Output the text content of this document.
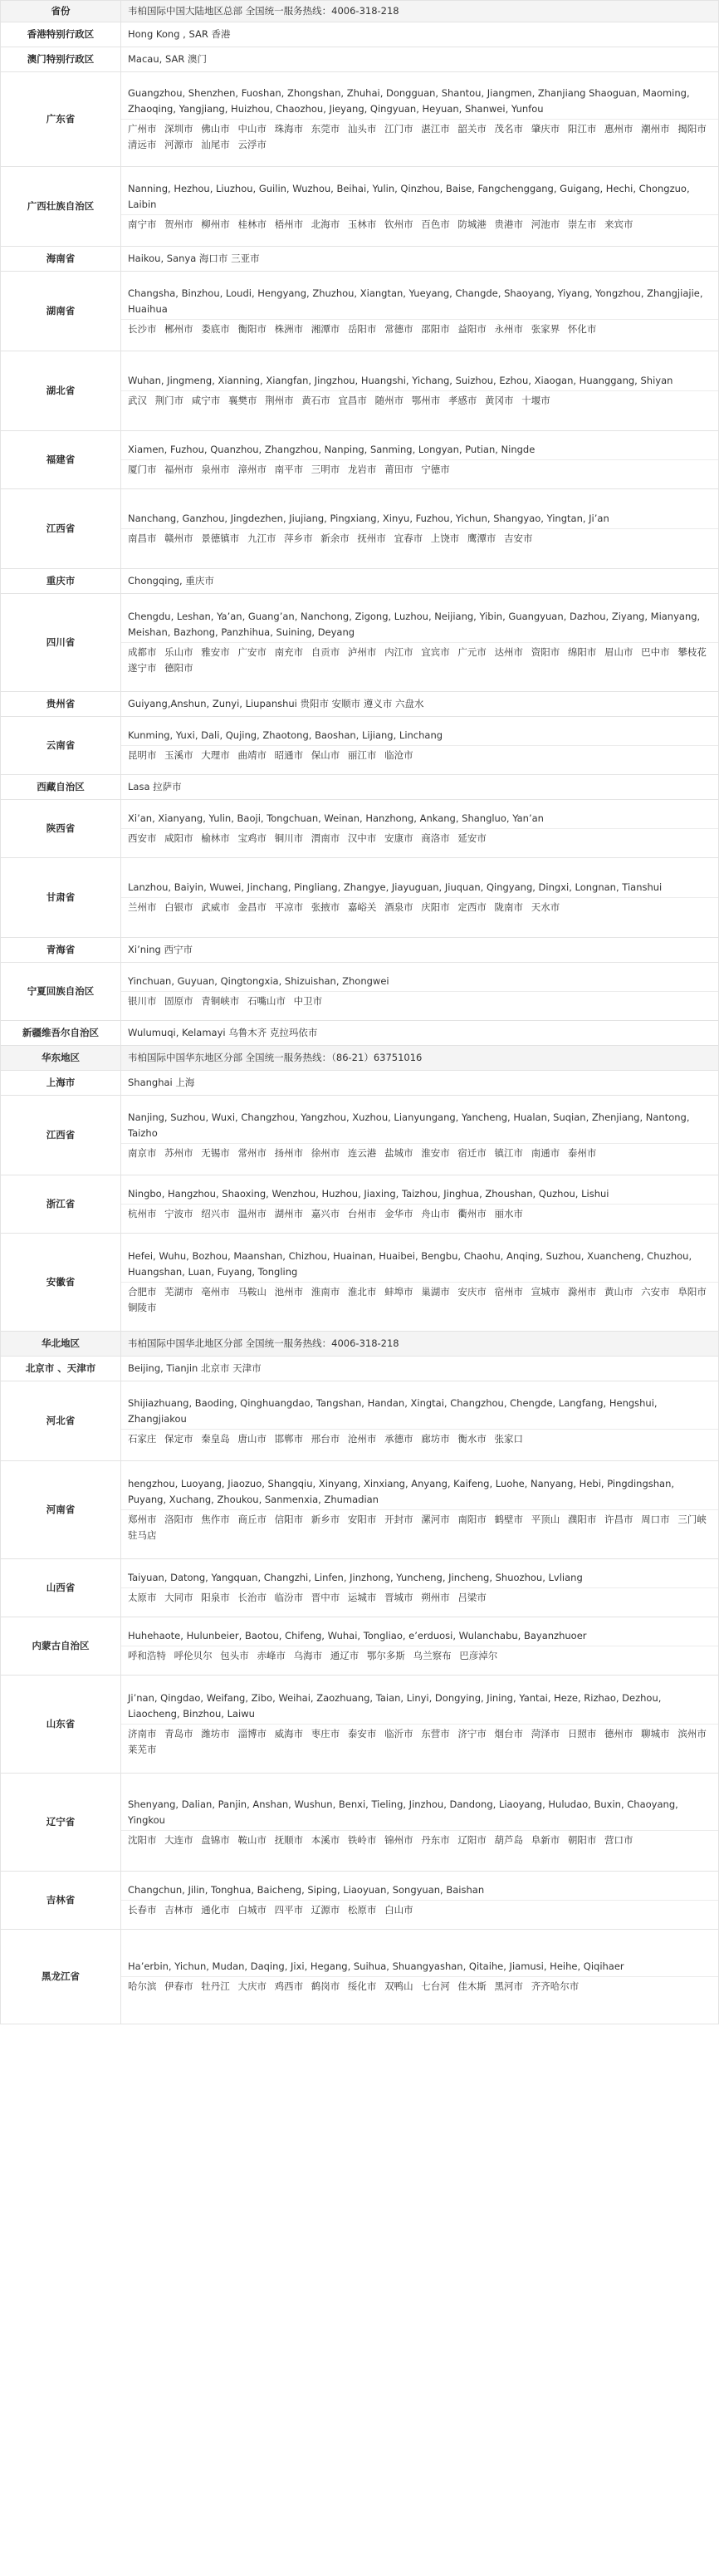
省份	韦柏国际中国大陆地区总部 全国统一服务热线：4006-318-218

香港特别行政区	Hong Kong , SAR 香港

澳门特别行政区	Macau, SAR 澳门

广东省	Guangzhou, Shenzhen, Fuoshan, Zhongshan, Zhuhai, Dongguan, Shantou, Jiangmen, Zhanjiang Shaoguan, Maoming, Zhaoqing, Yangjiang, Huizhou, Chaozhou, Jieyang, Qingyuan, Heyuan, Shanwei, Yunfou
广州市 深圳市 佛山市 中山市 珠海市 东莞市 汕头市 江门市 湛江市 韶关市 茂名市 肇庆市 阳江市 惠州市 潮州市 揭阳市 清远市 河源市 汕尾市 云浮市

广西壮族自治区	Nanning, Hezhou, Liuzhou, Guilin, Wuzhou, Beihai, Yulin, Qinzhou, Baise, Fangchenggang, Guigang, Hechi, Chongzuo, Laibin
南宁市 贺州市 柳州市 桂林市 梧州市 北海市 玉林市 钦州市 百色市 防城港 贵港市 河池市 崇左市 来宾市

海南省	Haikou, Sanya 海口市 三亚市

湖南省	Changsha, Binzhou, Loudi, Hengyang, Zhuzhou, Xiangtan, Yueyang, Changde, Shaoyang, Yiyang, Yongzhou, Zhangjiajie, Huaihua
长沙市 郴州市 娄底市 衡阳市 株洲市 湘潭市 岳阳市 常德市 邵阳市 益阳市 永州市 张家界 怀化市

湖北省	Wuhan, Jingmeng, Xianning, Xiangfan, Jingzhou, Huangshi, Yichang, Suizhou, Ezhou, Xiaogan, Huanggang, Shiyan
武汉 荆门市 咸宁市 襄樊市 荆州市 黄石市 宜昌市 随州市 鄂州市 孝感市 黄冈市 十堰市

福建省	Xiamen, Fuzhou, Quanzhou, Zhangzhou, Nanping, Sanming, Longyan, Putian, Ningde
厦门市 福州市 泉州市 漳州市 南平市 三明市 龙岩市 莆田市 宁德市

江西省	Nanchang, Ganzhou, Jingdezhen, Jiujiang, Pingxiang, Xinyu, Fuzhou, Yichun, Shangyao, Yingtan, Ji’an
南昌市 赣州市 景德镇市 九江市 萍乡市 新余市 抚州市 宜春市 上饶市 鹰潭市 吉安市

重庆市	Chongqing, 重庆市

四川省	Chengdu, Leshan, Ya’an, Guang’an, Nanchong, Zigong, Luzhou, Neijiang, Yibin, Guangyuan, Dazhou, Ziyang, Mianyang, Meishan, Bazhong, Panzhihua, Suining, Deyang
成都市 乐山市 雅安市 广安市 南充市 自贡市 泸州市 内江市 宜宾市 广元市 达州市 资阳市 绵阳市 眉山市 巴中市 攀枝花 遂宁市 德阳市

贵州省	Guiyang,Anshun, Zunyi, Liupanshui 贵阳市 安顺市 遵义市 六盘水

云南省	Kunming, Yuxi, Dali, Qujing, Zhaotong, Baoshan, Lijiang, Linchang
昆明市 玉溪市 大理市 曲靖市 昭通市 保山市 丽江市 临沧市

西藏自治区	Lasa 拉萨市

陕西省	Xi’an, Xianyang, Yulin, Baoji, Tongchuan, Weinan, Hanzhong, Ankang, Shangluo, Yan’an
西安市 咸阳市 榆林市 宝鸡市 铜川市 渭南市 汉中市 安康市 商洛市 延安市

甘肃省	Lanzhou, Baiyin, Wuwei, Jinchang, Pingliang, Zhangye, Jiayuguan, Jiuquan, Qingyang, Dingxi, Longnan, Tianshui
兰州市 白银市 武威市 金昌市 平凉市 张掖市 嘉峪关 酒泉市 庆阳市 定西市 陇南市 天水市

青海省	Xi’ning 西宁市

宁夏回族自治区	Yinchuan, Guyuan, Qingtongxia, Shizuishan, Zhongwei
银川市 固原市 青铜峡市 石嘴山市 中卫市

新疆维吾尔自治区	Wulumuqi, Kelamayi 乌鲁木齐 克拉玛依市

华东地区	韦柏国际中国华东地区分部 全国统一服务热线：（86-21）63751016

上海市	Shanghai 上海

江西省	Nanjing, Suzhou, Wuxi, Changzhou, Yangzhou, Xuzhou, Lianyungang, Yancheng, Hualan, Suqian, Zhenjiang, Nantong, Taizho
南京市 苏州市 无锡市 常州市 扬州市 徐州市 连云港 盐城市 淮安市 宿迁市 镇江市 南通市 泰州市

浙江省	Ningbo, Hangzhou, Shaoxing, Wenzhou, Huzhou, Jiaxing, Taizhou, Jinghua, Zhoushan, Quzhou, Lishui
杭州市 宁波市 绍兴市 温州市 湖州市 嘉兴市 台州市 金华市 舟山市 衢州市 丽水市

安徽省	Hefei, Wuhu, Bozhou, Maanshan, Chizhou, Huainan, Huaibei, Bengbu, Chaohu, Anqing, Suzhou, Xuancheng, Chuzhou, Huangshan, Luan, Fuyang, Tongling
合肥市 芜湖市 亳州市 马鞍山 池州市 淮南市 淮北市 蚌埠市 巢湖市 安庆市 宿州市 宣城市 滁州市 黄山市 六安市 阜阳市 铜陵市

华北地区	韦柏国际中国华北地区分部 全国统一服务热线：4006-318-218

北京市 、天津市	Beijing, Tianjin 北京市 天津市

河北省	Shijiazhuang, Baoding, Qinghuangdao, Tangshan, Handan, Xingtai, Changzhou, Chengde, Langfang, Hengshui, Zhangjiakou
石家庄 保定市 秦皇岛 唐山市 邯郸市 邢台市 沧州市 承德市 廊坊市 衡水市 张家口

河南省	hengzhou, Luoyang, Jiaozuo, Shangqiu, Xinyang, Xinxiang, Anyang, Kaifeng, Luohe, Nanyang, Hebi, Pingdingshan, Puyang, Xuchang, Zhoukou, Sanmenxia, Zhumadian
郑州市 洛阳市 焦作市 商丘市 信阳市 新乡市 安阳市 开封市 漯河市 南阳市 鹤壁市 平顶山 濮阳市 许昌市 周口市 三门峡 驻马店

山西省	Taiyuan, Datong, Yangquan, Changzhi, Linfen, Jinzhong, Yuncheng, Jincheng, Shuozhou, Lvliang
太原市 大同市 阳泉市 长治市 临汾市 晋中市 运城市 晋城市 朔州市 吕梁市

内蒙古自治区	Huhehaote, Hulunbeier, Baotou, Chifeng, Wuhai, Tongliao, e’erduosi, Wulanchabu, Bayanzhuoer
呼和浩特 呼伦贝尔 包头市 赤峰市 乌海市 通辽市 鄂尔多斯 乌兰察布 巴彦淖尔

山东省	Ji’nan, Qingdao, Weifang, Zibo, Weihai, Zaozhuang, Taian, Linyi, Dongying, Jining, Yantai, Heze, Rizhao, Dezhou, Liaocheng, Binzhou, Laiwu
济南市 青岛市 潍坊市 淄博市 威海市 枣庄市 泰安市 临沂市 东营市 济宁市 烟台市 菏泽市 日照市 德州市 聊城市 滨州市 莱芜市

辽宁省	Shenyang, Dalian, Panjin, Anshan, Wushun, Benxi, Tieling, Jinzhou, Dandong, Liaoyang, Huludao, Buxin, Chaoyang, Yingkou
沈阳市 大连市 盘锦市 鞍山市 抚顺市 本溪市 铁岭市 锦州市 丹东市 辽阳市 葫芦岛 阜新市 朝阳市 营口市

吉林省	Changchun, Jilin, Tonghua, Baicheng, Siping, Liaoyuan, Songyuan, Baishan
长春市 吉林市 通化市 白城市 四平市 辽源市 松原市 白山市

黑龙江省	Ha’erbin, Yichun, Mudan, Daqing, Jixi, Hegang, Suihua, Shuangyashan, Qitaihe, Jiamusi, Heihe, Qiqihaer
哈尔滨 伊春市 牡丹江 大庆市 鸡西市 鹤岗市 绥化市 双鸭山 七台河 佳木斯 黑河市 齐齐哈尔市
